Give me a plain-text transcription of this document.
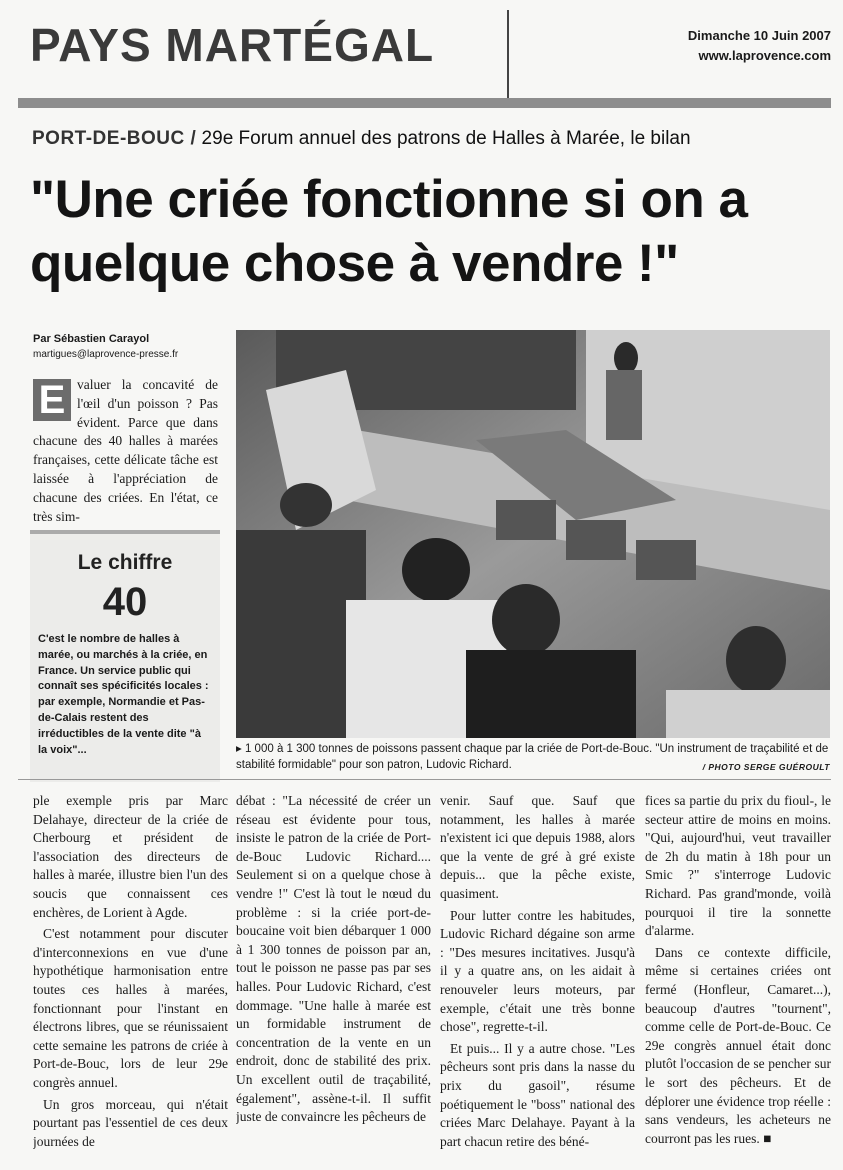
PAYS MARTÉGAL	Dimanche 10 Juin 2007
www.laprovence.com
PORT-DE-BOUC / 29e Forum annuel des patrons de Halles à Marée, le bilan
"Une criée fonctionne si on a quelque chose à vendre !"
Par Sébastien Carayol
martigues@laprovence-presse.fr
E valuer la concavité de l'œil d'un poisson ? Pas évident. Parce que dans chacune des 40 halles à marées françaises, cette délicate tâche est laissée à l'appréciation de chacune des criées. En l'état, ce très sim-
Le chiffre
40
C'est le nombre de halles à marée, ou marchés à la criée, en France. Un service public qui connaît ses spécificités locales : par exemple, Normandie et Pas-de-Calais restent des irréductibles de la vente dite "à la voix"...	▸ 1 000 à 1 300 tonnes de poissons passent chaque par la criée de Port-de-Bouc. "Un instrument de traçabilité et de stabilité formidable" pour son patron, Ludovic Richard.	/ PHOTO SERGE GUÉROULT

ple exemple pris par Marc Delahaye, directeur de la criée de Cherbourg et président de l'association des directeurs de halles à marée, illustre bien l'un des soucis que connaissent ces enchères, de Lorient à Agde.

C'est notamment pour discuter d'interconnexions en vue d'une hypothétique harmonisation entre toutes ces halles à marées, fonctionnant pour l'instant en électrons libres, que se réunissaient cette semaine les patrons de criée à Port-de-Bouc, lors de leur 29e congrès annuel.

Un gros morceau, qui n'était pourtant pas l'essentiel de ces deux journées de

débat : "La nécessité de créer un réseau est évidente pour tous, insiste le patron de la criée de Port-de-Bouc Ludovic Richard.... Seulement si on a quelque chose à vendre !" C'est là tout le nœud du problème : si la criée port-de-boucaine voit bien débarquer 1 000 à 1 300 tonnes de poisson par an, tout le poisson ne passe pas par ses halles. Pour Ludovic Richard, c'est dommage. "Une halle à marée est un formidable instrument de concentration de la vente en un endroit, donc de stabilité des prix. Un excellent outil de traçabilité, également", assène-t-il. Il suffit juste de convaincre les pêcheurs de

venir. Sauf que. Sauf que notamment, les halles à marée n'existent ici que depuis 1988, alors que la vente de gré à gré existe depuis... que la pêche existe, quasiment.

Pour lutter contre les habitudes, Ludovic Richard dégaine son arme : "Des mesures incitatives. Jusqu'à il y a quatre ans, on les aidait à renouveler leurs moteurs, par exemple, c'était une très bonne chose", regrette-t-il.

Et puis... Il y a autre chose. "Les pêcheurs sont pris dans la nasse du prix du gasoil", résume poétiquement le "boss" national des criées Marc Delahaye. Payant à la part chacun retire des béné-

fices sa partie du prix du fioul-, le secteur attire de moins en moins. "Qui, aujourd'hui, veut travailler de 2h du matin à 18h pour un Smic ?" s'interroge Ludovic Richard. Pas grand'monde, voilà pourquoi il tire la sonnette d'alarme.

Dans ce contexte difficile, même si certaines criées ont fermé (Honfleur, Camaret...), beaucoup d'autres "tournent", comme celle de Port-de-Bouc. Ce 29e congrès annuel était donc plutôt l'occasion de se pencher sur le sort des pêcheurs. Et de déplorer une évidence trop réelle : sans vendeurs, les acheteurs ne courront pas les rues. ■
